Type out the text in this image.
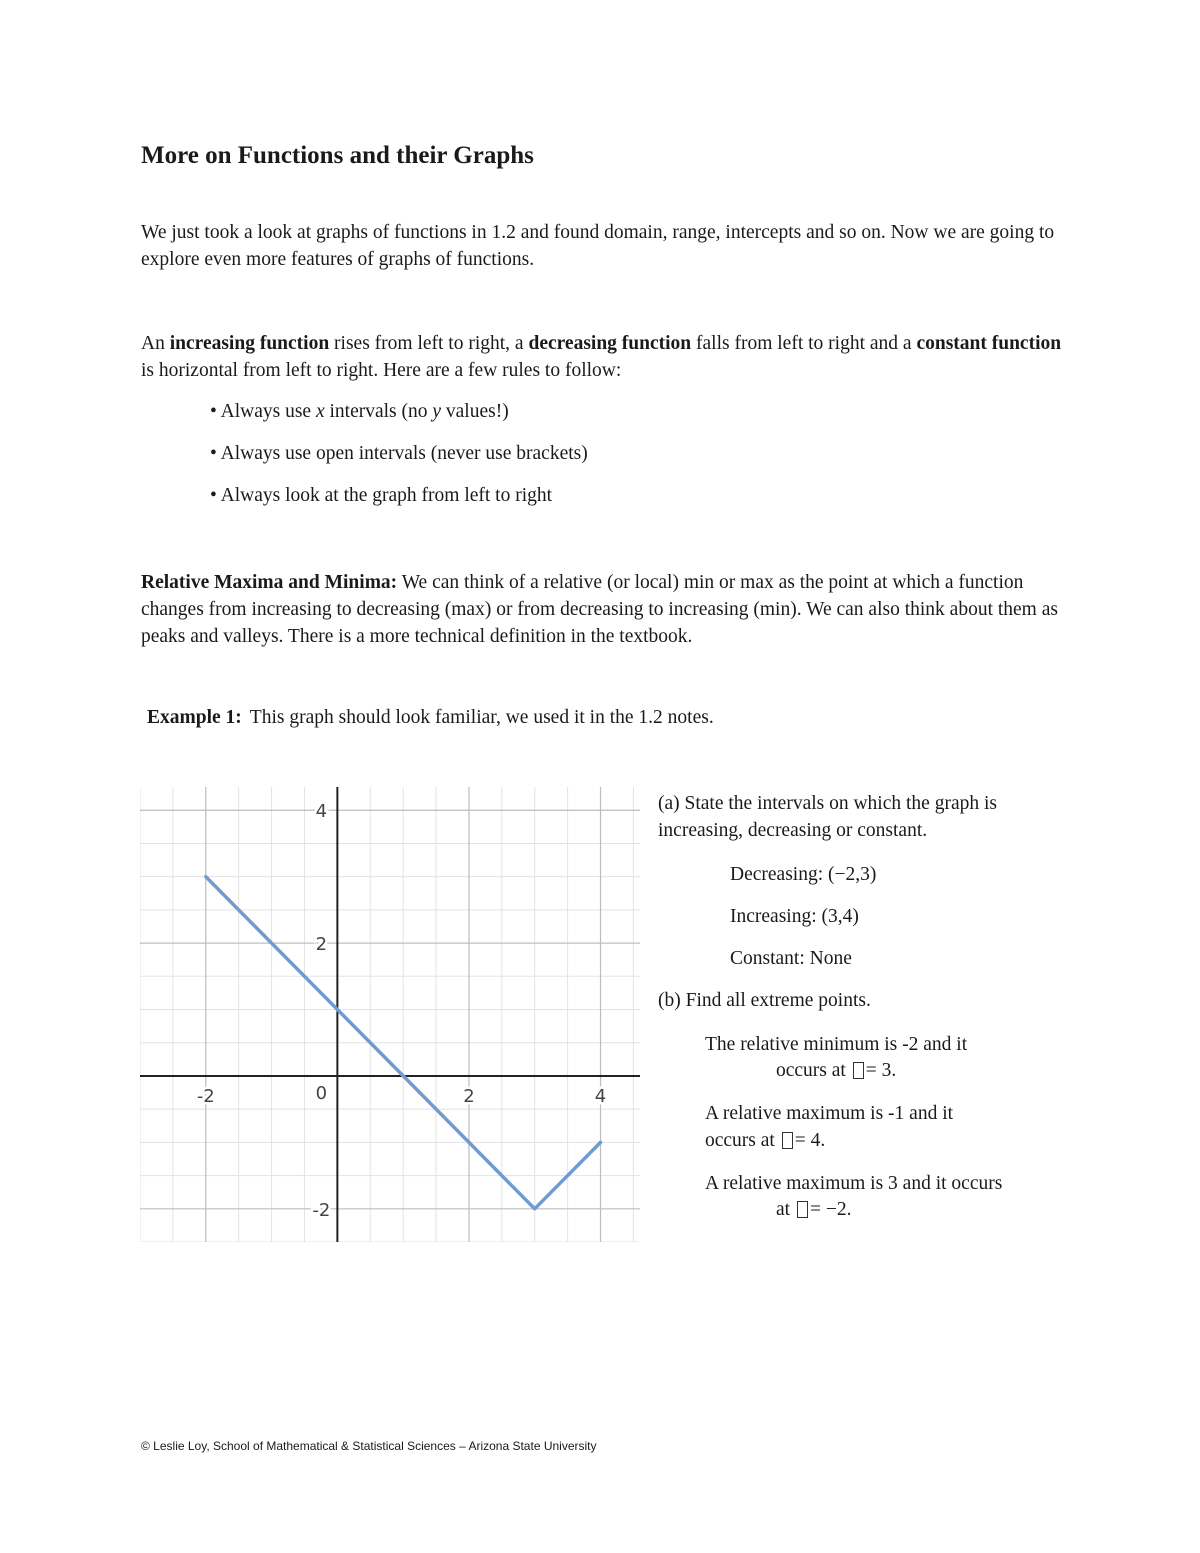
More on Functions and their Graphs

We just took a look at graphs of functions in 1.2 and found domain, range, intercepts and so on. Now we are going to explore even more features of graphs of functions.

An increasing function rises from left to right, a decreasing function falls from left to right and a constant function is horizontal from left to right. Here are a few rules to follow:

• Always use x intervals (no y values!)
• Always use open intervals (never use brackets)
• Always look at the graph from left to right

Relative Maxima and Minima: We can think of a relative (or local) min or max as the point at which a function changes from increasing to decreasing (max) or from decreasing to increasing (min). We can also think about them as peaks and valleys. There is a more technical definition in the textbook.

Example 1: This graph should look familiar, we used it in the 1.2 notes.

-2	0	2	4
-2
2
4	(a) State the intervals on which the graph is

increasing, decreasing or constant.

Decreasing: (−2,3)

Increasing: (3,4)

Constant: None

(b) Find all extreme points.

The relative minimum is -2 and it

occurs at = 3.

A relative maximum is -1 and it

occurs at = 4.

A relative maximum is 3 and it occurs

at = −2.

© Leslie Loy, School of Mathematical & Statistical Sciences – Arizona State University
